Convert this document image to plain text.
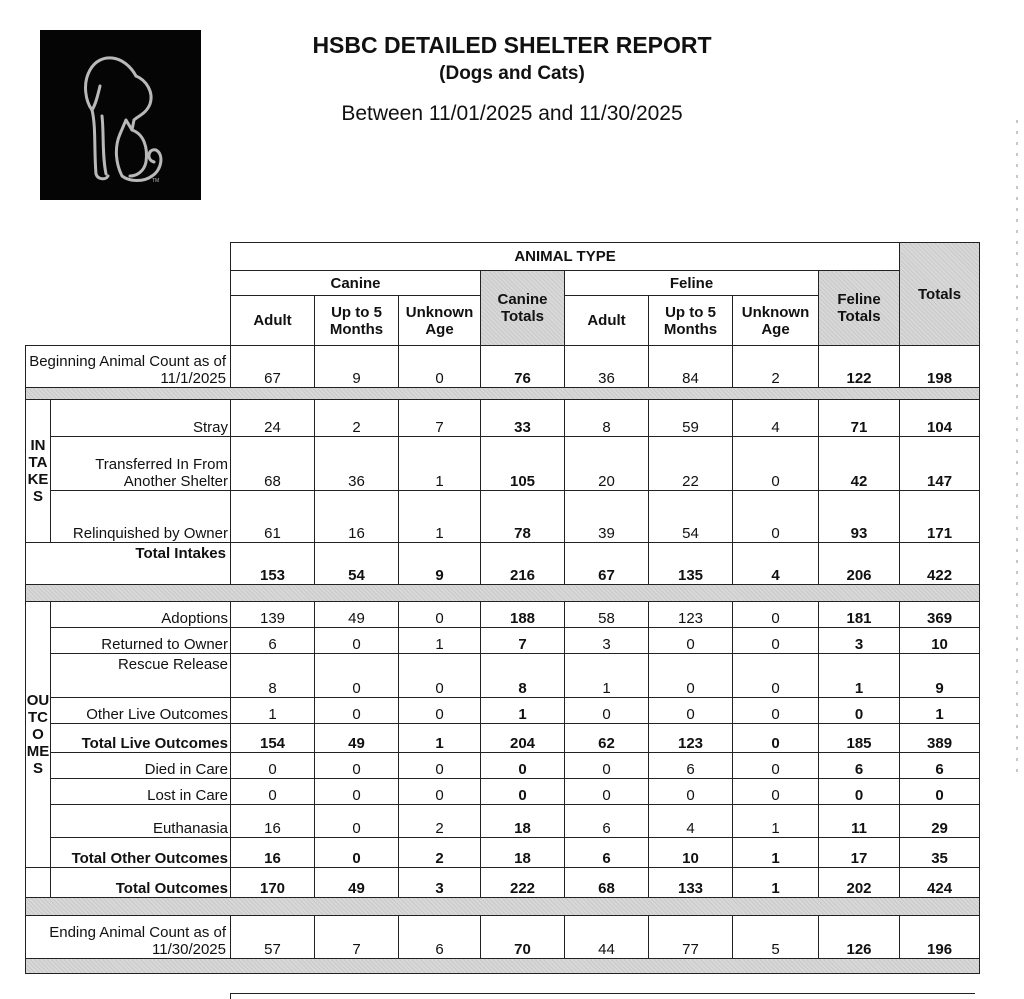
TM
HSBC DETAILED SHELTER REPORT
(Dogs and Cats)
Between 11/01/2025 and 11/30/2025
		ANIMAL TYPE								Totals
		Canine			Canine Totals	Feline			Feline Totals	
		Adult	Up to 5 Months	Unknown Age		Adult	Up to 5 Months	Unknown Age		
Beginning Animal Count as of 11/1/2025		67	9	0	76	36	84	2	122	198

INTAKES	Stray	24	2	7	33	8	59	4	71	104
	Transferred In From Another Shelter	68	36	1	105	20	22	0	42	147
	Relinquished by Owner	61	16	1	78	39	54	0	93	171
Total Intakes		153	54	9	216	67	135	4	206	422

OUTCOMES	Adoptions	139	49	0	188	58	123	0	181	369
	Returned to Owner	6	0	1	7	3	0	0	3	10
	Rescue Release	8	0	0	8	1	0	0	1	9
	Other Live Outcomes	1	0	0	1	0	0	0	0	1
	Total Live Outcomes	154	49	1	204	62	123	0	185	389
	Died in Care	0	0	0	0	0	6	0	6	6
	Lost in Care	0	0	0	0	0	0	0	0	0
	Euthanasia	16	0	2	18	6	4	1	11	29
	Total Other Outcomes	16	0	2	18	6	10	1	17	35
	Total Outcomes	170	49	3	222	68	133	1	202	424

Ending Animal Count as of 11/30/2025		57	7	6	70	44	77	5	126	196
